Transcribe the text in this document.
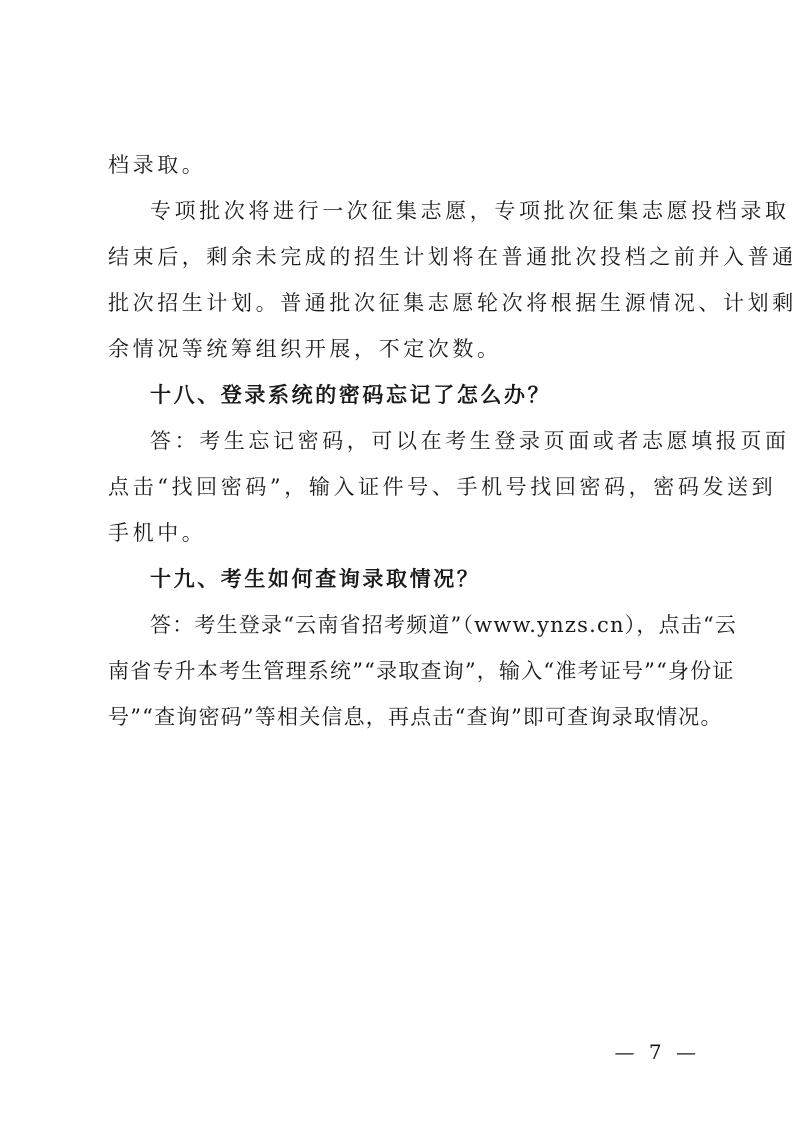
档录取。
专项批次将进行一次征集志愿，专项批次征集志愿投档录取
结束后，剩余未完成的招生计划将在普通批次投档之前并入普通
批次招生计划。普通批次征集志愿轮次将根据生源情况、计划剩
余情况等统筹组织开展，不定次数。
十八、登录系统的密码忘记了怎么办？
答：考生忘记密码，可以在考生登录页面或者志愿填报页面
点击“找回密码”，输入证件号、手机号找回密码，密码发送到
手机中。
十九、考生如何查询录取情况？
答：考生登录“云南省招考频道”（www.ynzs.cn），点击“云
南省专升本考生管理系统”“录取查询”，输入“准考证号”“身份证
号”“查询密码”等相关信息，再点击“查询”即可查询录取情况。
— 7 —
